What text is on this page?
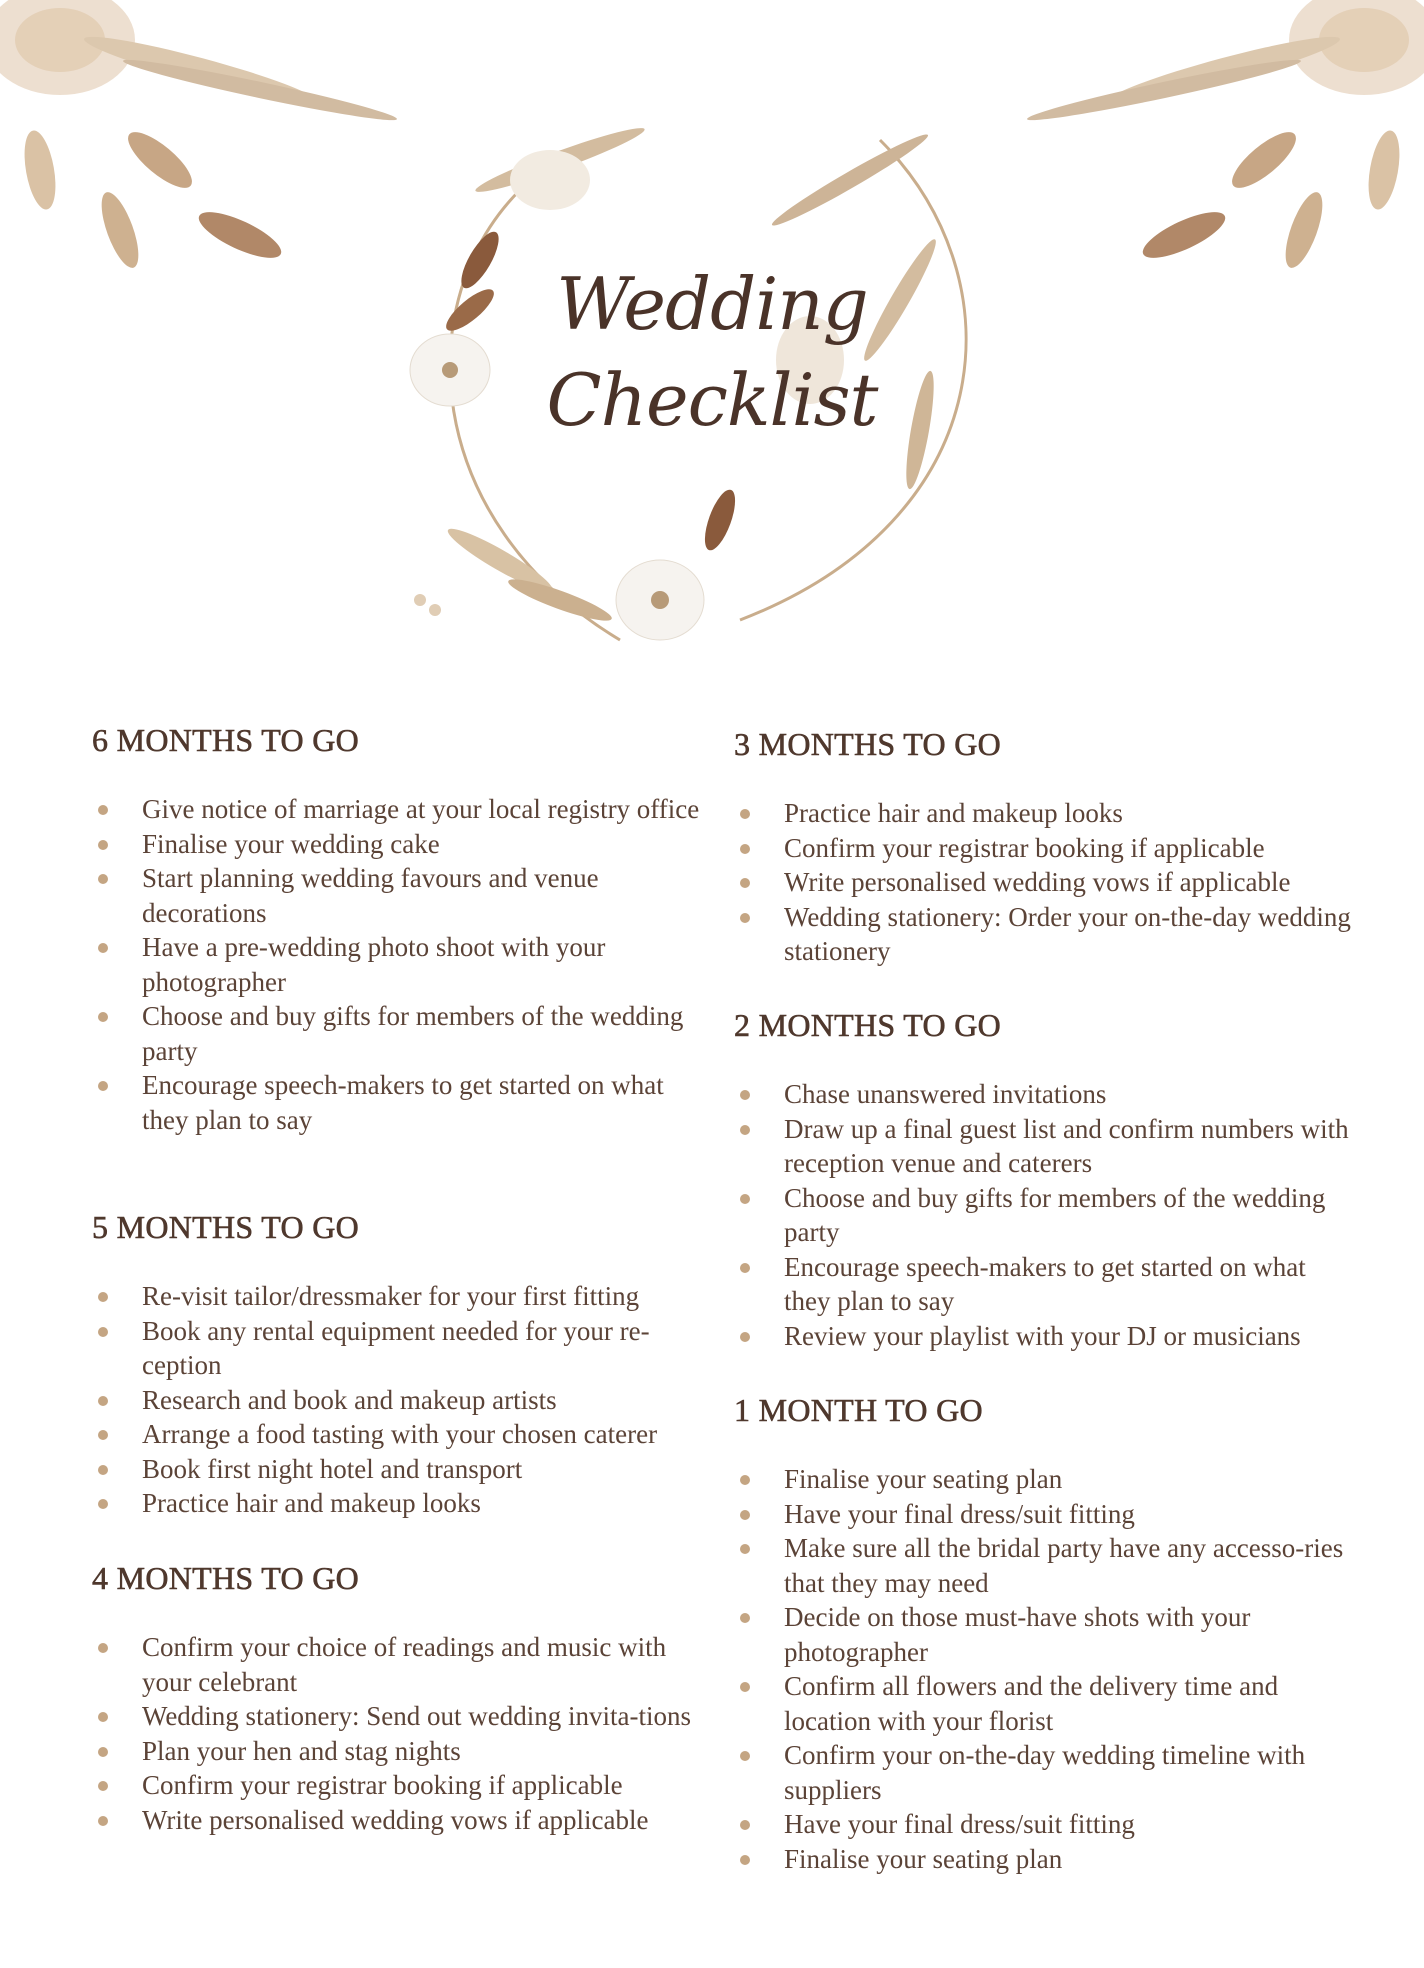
Wedding
Checklist
6 MONTHS TO GO
Give notice of marriage at your local registry office
Finalise your wedding cake
Start planning wedding favours and venue decorations
Have a pre-wedding photo shoot with your photographer
Choose and buy gifts for members of the wedding party
Encourage speech-makers to get started on what they plan to say
5 MONTHS TO GO
Re-visit tailor/dressmaker for your first fitting
Book any rental equipment needed for your re-ception
Research and book and makeup artists
Arrange a food tasting with your chosen caterer
Book first night hotel and transport
Practice hair and makeup looks
4 MONTHS TO GO
Confirm your choice of readings and music with your celebrant
Wedding stationery: Send out wedding invita-tions
Plan your hen and stag nights
Confirm your registrar booking if applicable
Write personalised wedding vows if applicable
3 MONTHS TO GO
Practice hair and makeup looks
Confirm your registrar booking if applicable
Write personalised wedding vows if applicable
Wedding stationery: Order your on-the-day wedding stationery
2 MONTHS TO GO
Chase unanswered invitations
Draw up a final guest list and confirm numbers with reception venue and caterers
Choose and buy gifts for members of the wedding party
Encourage speech-makers to get started on what they plan to say
Review your playlist with your DJ or musicians
1 MONTH TO GO
Finalise your seating plan
Have your final dress/suit fitting
Make sure all the bridal party have any accesso-ries that they may need
Decide on those must-have shots with your photographer
Confirm all flowers and the delivery time and location with your florist
Confirm your on-the-day wedding timeline with suppliers
Have your final dress/suit fitting
Finalise your seating plan
